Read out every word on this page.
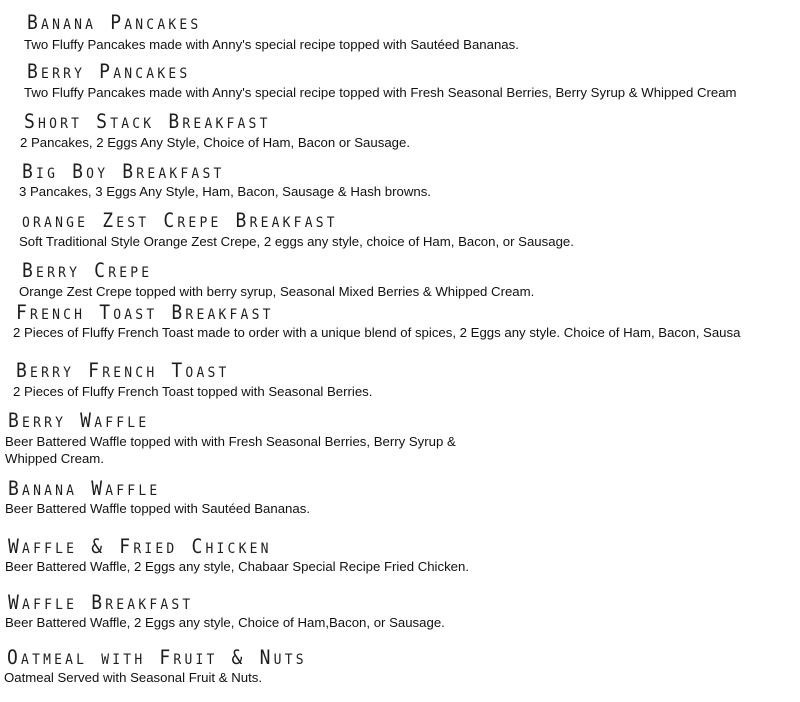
Banana Pancakes
Two Fluffy Pancakes made with Anny's special recipe topped with Sautéed Bananas.
Berry Pancakes
Two Fluffy Pancakes made with Anny's special recipe topped with Fresh Seasonal Berries, Berry Syrup & Whipped Cream
Short Stack Breakfast
2 Pancakes, 2 Eggs Any Style, Choice of Ham, Bacon or Sausage.
Big Boy Breakfast
3 Pancakes, 3 Eggs Any Style, Ham, Bacon, Sausage & Hash browns.
orange Zest Crepe Breakfast
Soft Traditional Style Orange Zest Crepe, 2 eggs any style, choice of Ham, Bacon, or Sausage.
Berry Crepe
Orange Zest Crepe topped with berry syrup, Seasonal Mixed Berries & Whipped Cream.
French Toast Breakfast
2 Pieces of Fluffy French Toast made to order with a unique blend of spices, 2 Eggs any style. Choice of Ham, Bacon, Sausa
Berry French Toast
2 Pieces of Fluffy French Toast topped with Seasonal Berries.
Berry Waffle
Beer Battered Waffle topped with with Fresh Seasonal Berries, Berry Syrup & Whipped Cream.
Banana Waffle
Beer Battered Waffle topped with Sautéed Bananas.
Waffle & Fried Chicken
Beer Battered Waffle, 2 Eggs any style, Chabaar Special Recipe Fried Chicken.
Waffle Breakfast
Beer Battered Waffle, 2 Eggs any style, Choice of Ham,Bacon, or Sausage.
Oatmeal with Fruit & Nuts
Oatmeal Served with Seasonal Fruit & Nuts.
